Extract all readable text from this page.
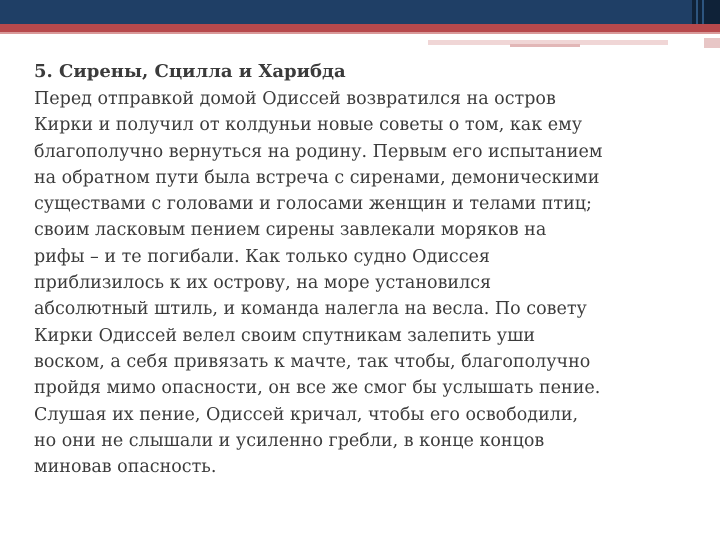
5. Сирены, Сцилла и Харибда

Перед отправкой домой Одиссей возвратился на остров

Кирки и получил от колдуньи новые советы о том, как ему

благополучно вернуться на родину. Первым его испытанием

на обратном пути была встреча с сиренами, демоническими

существами с головами и голосами женщин и телами птиц;

своим ласковым пением сирены завлекали моряков на

рифы – и те погибали. Как только судно Одиссея

приблизилось к их острову, на море установился

абсолютный штиль, и команда налегла на весла. По совету

Кирки Одиссей велел своим спутникам залепить уши

воском, а себя привязать к мачте, так чтобы, благополучно

пройдя мимо опасности, он все же смог бы услышать пение.

Слушая их пение, Одиссей кричал, чтобы его освободили,

но они не слышали и усиленно гребли, в конце концов

миновав опасность.
